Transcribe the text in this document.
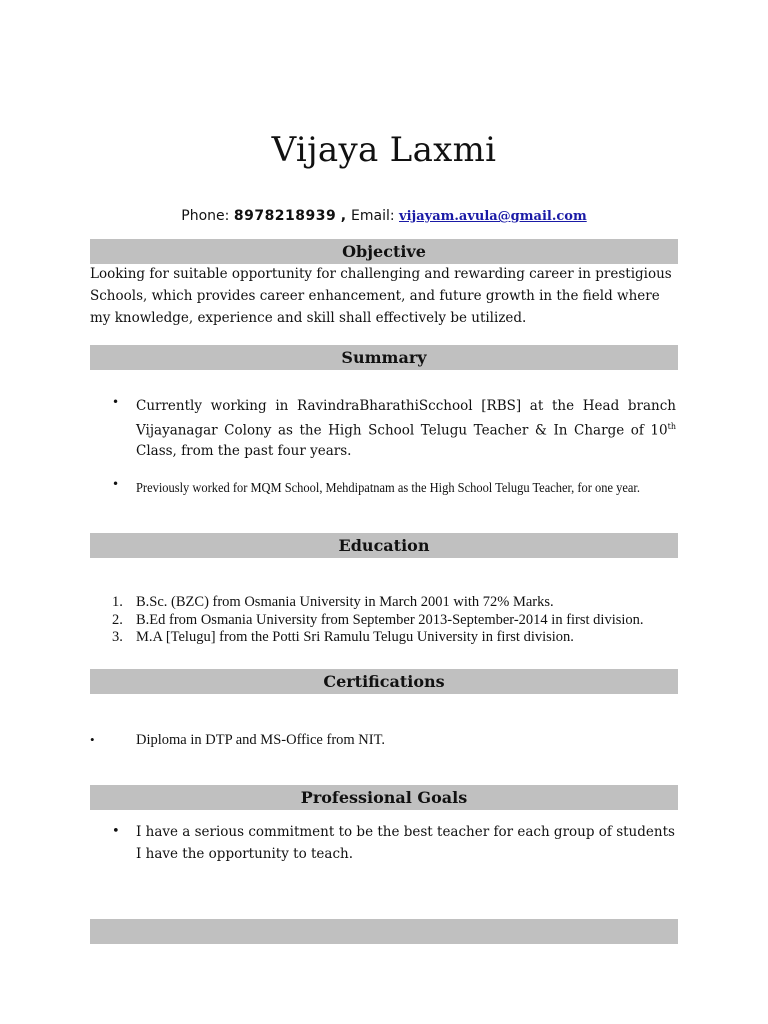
Vijaya Laxmi
Phone: 8978218939 , Email: vijayam.avula@gmail.com
Objective
Looking for suitable opportunity for challenging and rewarding career in prestigious Schools, which provides career enhancement, and future growth in the field where my knowledge, experience and skill shall effectively be utilized.
Summary
• Currently working in RavindraBharathiScchool [RBS] at the Head branch Vijayanagar Colony as the High School Telugu Teacher & In Charge of 10th Class, from the past four years.
• Previously worked for MQM School, Mehdipatnam as the High School Telugu Teacher, for one year.
Education
1. B.Sc. (BZC) from Osmania University in March 2001 with 72% Marks.
2. B.Ed from Osmania University from September 2013-September-2014 in first division.
3. M.A [Telugu] from the Potti Sri Ramulu Telugu University in first division.
Certifications
•	Diploma in DTP and MS-Office from NIT.
Professional Goals
• I have a serious commitment to be the best teacher for each group of students I have the opportunity to teach.
